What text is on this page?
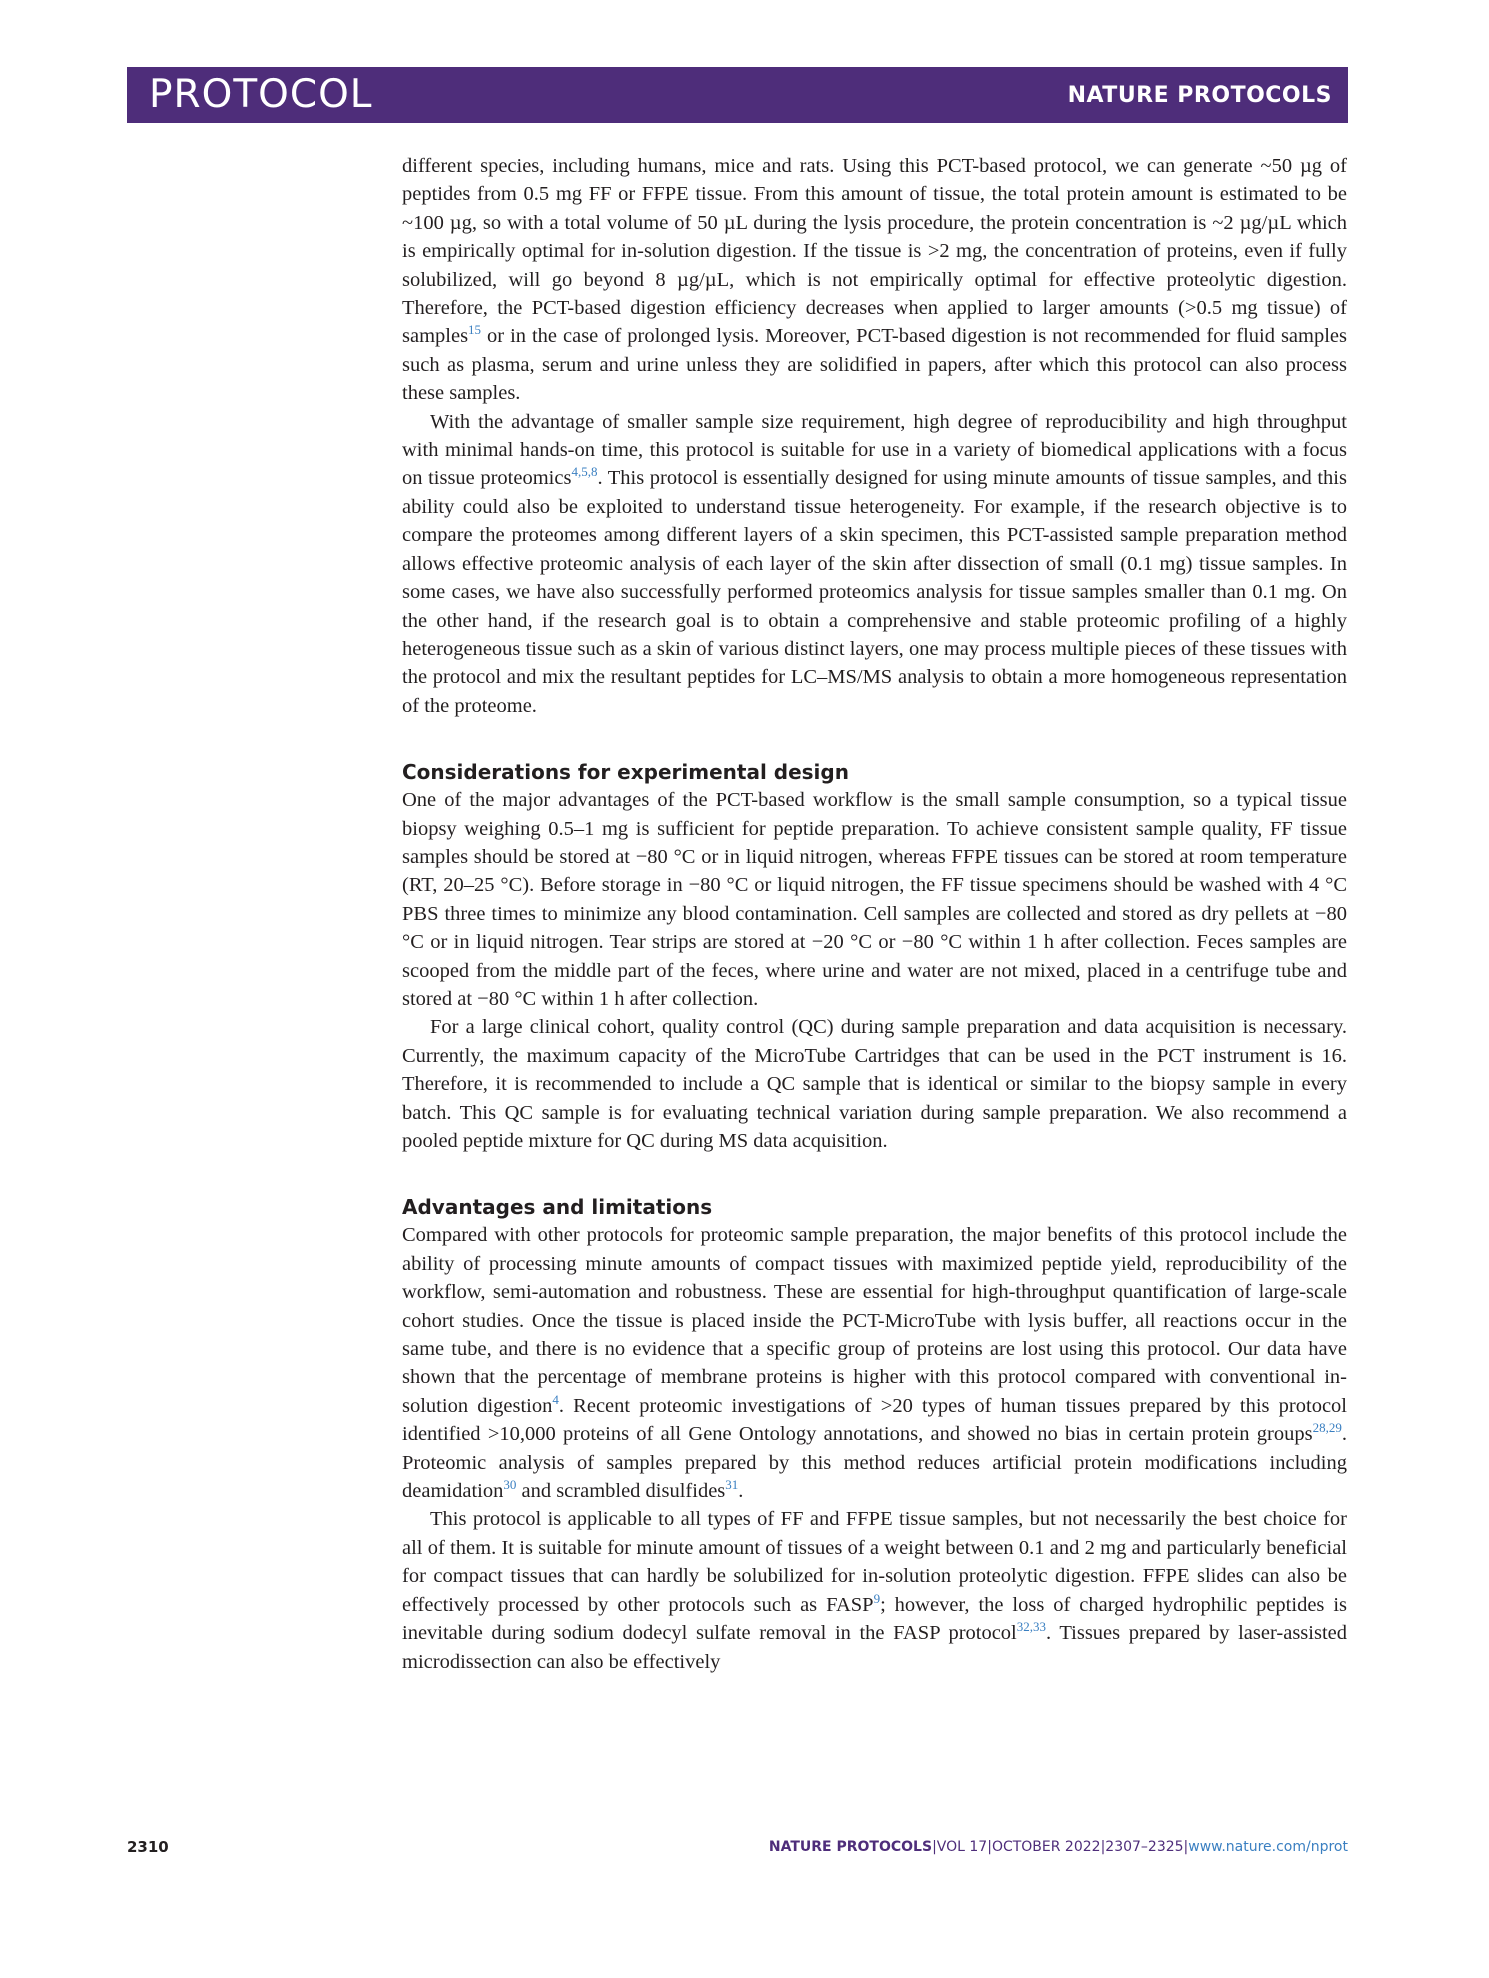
PROTOCOL	NATURE PROTOCOLS

different species, including humans, mice and rats. Using this PCT-based protocol, we can generate ~50 µg of peptides from 0.5 mg FF or FFPE tissue. From this amount of tissue, the total protein amount is estimated to be ~100 µg, so with a total volume of 50 µL during the lysis procedure, the protein concentration is ~2 µg/µL which is empirically optimal for in-solution digestion. If the tissue is >2 mg, the concentration of proteins, even if fully solubilized, will go beyond 8 µg/µL, which is not empirically optimal for effective proteolytic digestion. Therefore, the PCT-based digestion efficiency decreases when applied to larger amounts (>0.5 mg tissue) of samples$^{15}$ or in the case of prolonged lysis. Moreover, PCT-based digestion is not recommended for fluid samples such as plasma, serum and urine unless they are solidified in papers, after which this protocol can also process these samples.

With the advantage of smaller sample size requirement, high degree of reproducibility and high throughput with minimal hands-on time, this protocol is suitable for use in a variety of biomedical applications with a focus on tissue proteomics$^{4,5,8}$. This protocol is essentially designed for using minute amounts of tissue samples, and this ability could also be exploited to understand tissue heterogeneity. For example, if the research objective is to compare the proteomes among different layers of a skin specimen, this PCT-assisted sample preparation method allows effective proteomic analysis of each layer of the skin after dissection of small (0.1 mg) tissue samples. In some cases, we have also successfully performed proteomics analysis for tissue samples smaller than 0.1 mg. On the other hand, if the research goal is to obtain a comprehensive and stable proteomic profiling of a highly heterogeneous tissue such as a skin of various distinct layers, one may process multiple pieces of these tissues with the protocol and mix the resultant peptides for LC–MS/MS analysis to obtain a more homogeneous representation of the proteome.

Considerations for experimental design

One of the major advantages of the PCT-based workflow is the small sample consumption, so a typical tissue biopsy weighing 0.5–1 mg is sufficient for peptide preparation. To achieve consistent sample quality, FF tissue samples should be stored at −80 °C or in liquid nitrogen, whereas FFPE tissues can be stored at room temperature (RT, 20–25 °C). Before storage in −80 °C or liquid nitrogen, the FF tissue specimens should be washed with 4 °C PBS three times to minimize any blood contamination. Cell samples are collected and stored as dry pellets at −80 °C or in liquid nitrogen. Tear strips are stored at −20 °C or −80 °C within 1 h after collection. Feces samples are scooped from the middle part of the feces, where urine and water are not mixed, placed in a centrifuge tube and stored at −80 °C within 1 h after collection.

For a large clinical cohort, quality control (QC) during sample preparation and data acquisition is necessary. Currently, the maximum capacity of the MicroTube Cartridges that can be used in the PCT instrument is 16. Therefore, it is recommended to include a QC sample that is identical or similar to the biopsy sample in every batch. This QC sample is for evaluating technical variation during sample preparation. We also recommend a pooled peptide mixture for QC during MS data acquisition.

Advantages and limitations

Compared with other protocols for proteomic sample preparation, the major benefits of this protocol include the ability of processing minute amounts of compact tissues with maximized peptide yield, reproducibility of the workflow, semi-automation and robustness. These are essential for high-throughput quantification of large-scale cohort studies. Once the tissue is placed inside the PCT-MicroTube with lysis buffer, all reactions occur in the same tube, and there is no evidence that a specific group of proteins are lost using this protocol. Our data have shown that the percentage of membrane proteins is higher with this protocol compared with conventional in-solution digestion$^4$. Recent proteomic investigations of >20 types of human tissues prepared by this protocol identified >10,000 proteins of all Gene Ontology annotations, and showed no bias in certain protein groups$^{28,29}$. Proteomic analysis of samples prepared by this method reduces artificial protein modifications including deamidation$^{30}$ and scrambled disulfides$^{31}$.

This protocol is applicable to all types of FF and FFPE tissue samples, but not necessarily the best choice for all of them. It is suitable for minute amount of tissues of a weight between 0.1 and 2 mg and particularly beneficial for compact tissues that can hardly be solubilized for in-solution proteolytic digestion. FFPE slides can also be effectively processed by other protocols such as FASP$^9$; however, the loss of charged hydrophilic peptides is inevitable during sodium dodecyl sulfate removal in the FASP protocol$^{32,33}$. Tissues prepared by laser-assisted microdissection can also be effectively

2310	NATURE PROTOCOLS|VOL 17|OCTOBER 2022|2307–2325|www.nature.com/nprot
